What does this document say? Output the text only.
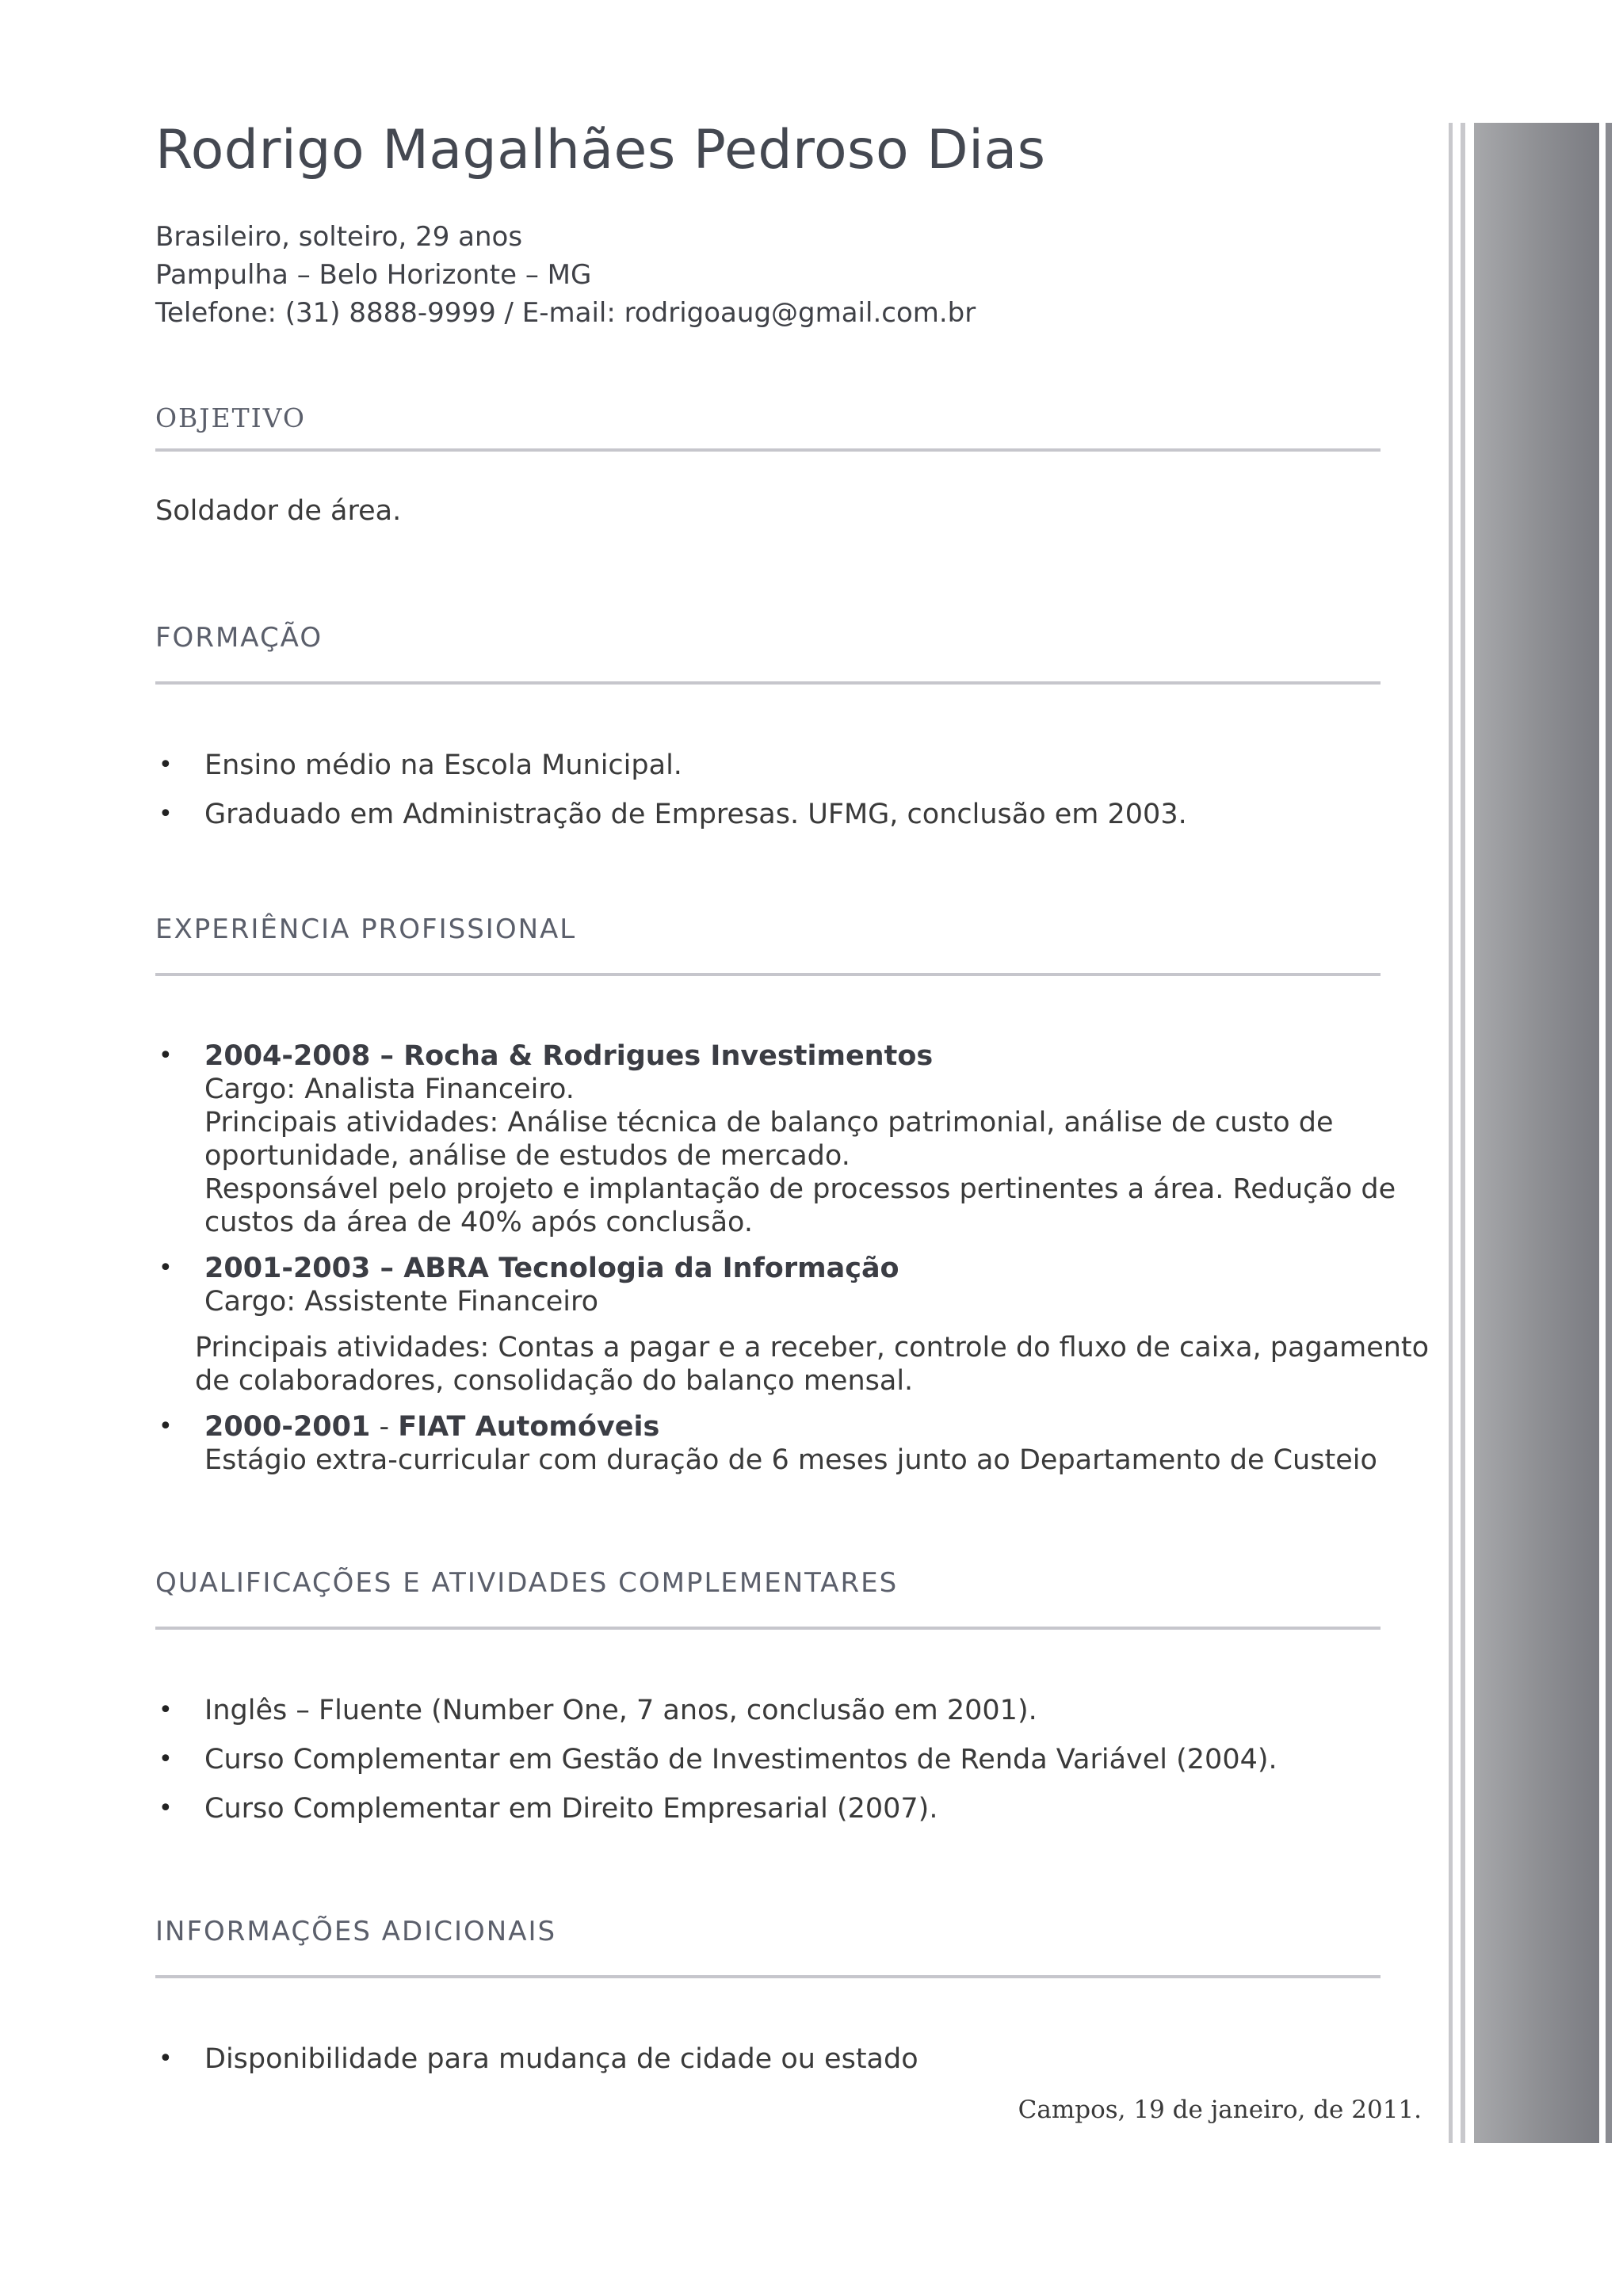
Rodrigo Magalhães Pedroso Dias
Brasileiro, solteiro, 29 anos
Pampulha – Belo Horizonte – MG
Telefone: (31) 8888-9999 / E-mail: rodrigoaug@gmail.com.br
OBJETIVO
Soldador de área.
FORMAÇÃO
• Ensino médio na Escola Municipal.
• Graduado em Administração de Empresas. UFMG, conclusão em 2003.
EXPERIÊNCIA PROFISSIONAL
• 2004-2008 – Rocha & Rodrigues Investimentos
Cargo: Analista Financeiro.
Principais atividades: Análise técnica de balanço patrimonial, análise de custo de
oportunidade, análise de estudos de mercado.
Responsável pelo projeto e implantação de processos pertinentes a área. Redução de
custos da área de 40% após conclusão.
• 2001-2003 – ABRA Tecnologia da Informação
Cargo: Assistente Financeiro
Principais atividades: Contas a pagar e a receber, controle do fluxo de caixa, pagamento
de colaboradores, consolidação do balanço mensal.
• 2000-2001 - FIAT Automóveis
Estágio extra-curricular com duração de 6 meses junto ao Departamento de Custeio
QUALIFICAÇÕES E ATIVIDADES COMPLEMENTARES
• Inglês – Fluente (Number One, 7 anos, conclusão em 2001).
• Curso Complementar em Gestão de Investimentos de Renda Variável (2004).
• Curso Complementar em Direito Empresarial (2007).
INFORMAÇÕES ADICIONAIS
• Disponibilidade para mudança de cidade ou estado
Campos, 19 de janeiro, de 2011.
